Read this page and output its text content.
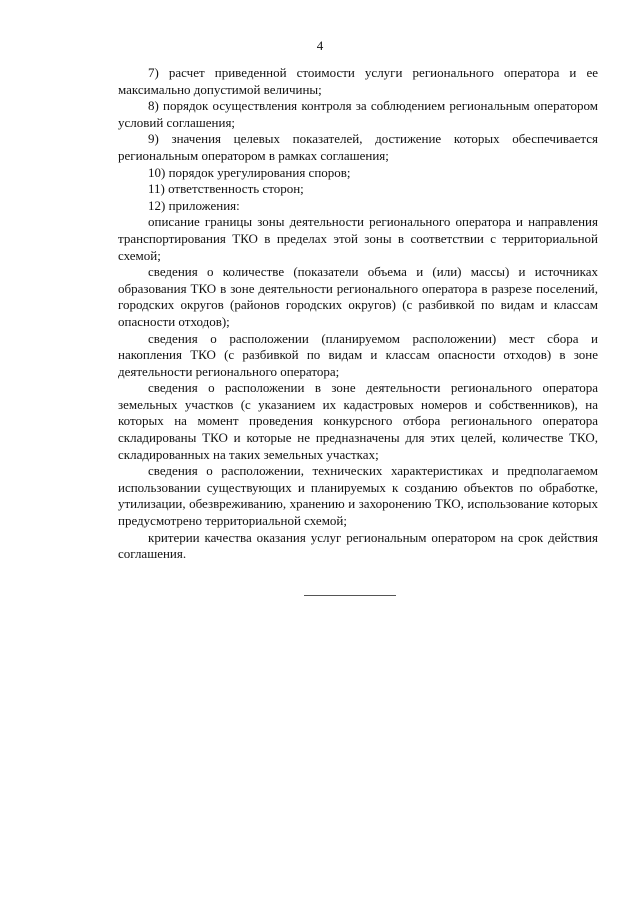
4

7) расчет приведенной стоимости услуги регионального оператора и ее максимально допустимой величины;

8) порядок осуществления контроля за соблюдением региональным оператором условий соглашения;

9) значения целевых показателей, достижение которых обеспечивается региональным оператором в рамках соглашения;

10) порядок урегулирования споров;

11) ответственность сторон;

12) приложения:

описание границы зоны деятельности регионального оператора и направления транспортирования ТКО в пределах этой зоны в соответствии с территориальной схемой;

сведения о количестве (показатели объема и (или) массы) и источниках образования ТКО в зоне деятельности регионального оператора в разрезе поселений, городских округов (районов городских округов) (с разбивкой по видам и классам опасности отходов);

сведения о расположении (планируемом расположении) мест сбора и накопления ТКО (с разбивкой по видам и классам опасности отходов) в зоне деятельности регионального оператора;

сведения о расположении в зоне деятельности регионального оператора земельных участков (с указанием их кадастровых номеров и собственников), на которых на момент проведения конкурсного отбора регионального оператора складированы ТКО и которые не предназначены для этих целей, количестве ТКО, складированных на таких земельных участках;

сведения о расположении, технических характеристиках и предполагаемом использовании существующих и планируемых к созданию объектов по обработке, утилизации, обезвреживанию, хранению и захоронению ТКО, использование которых предусмотрено территориальной схемой;

критерии качества оказания услуг региональным оператором на срок действия соглашения.
